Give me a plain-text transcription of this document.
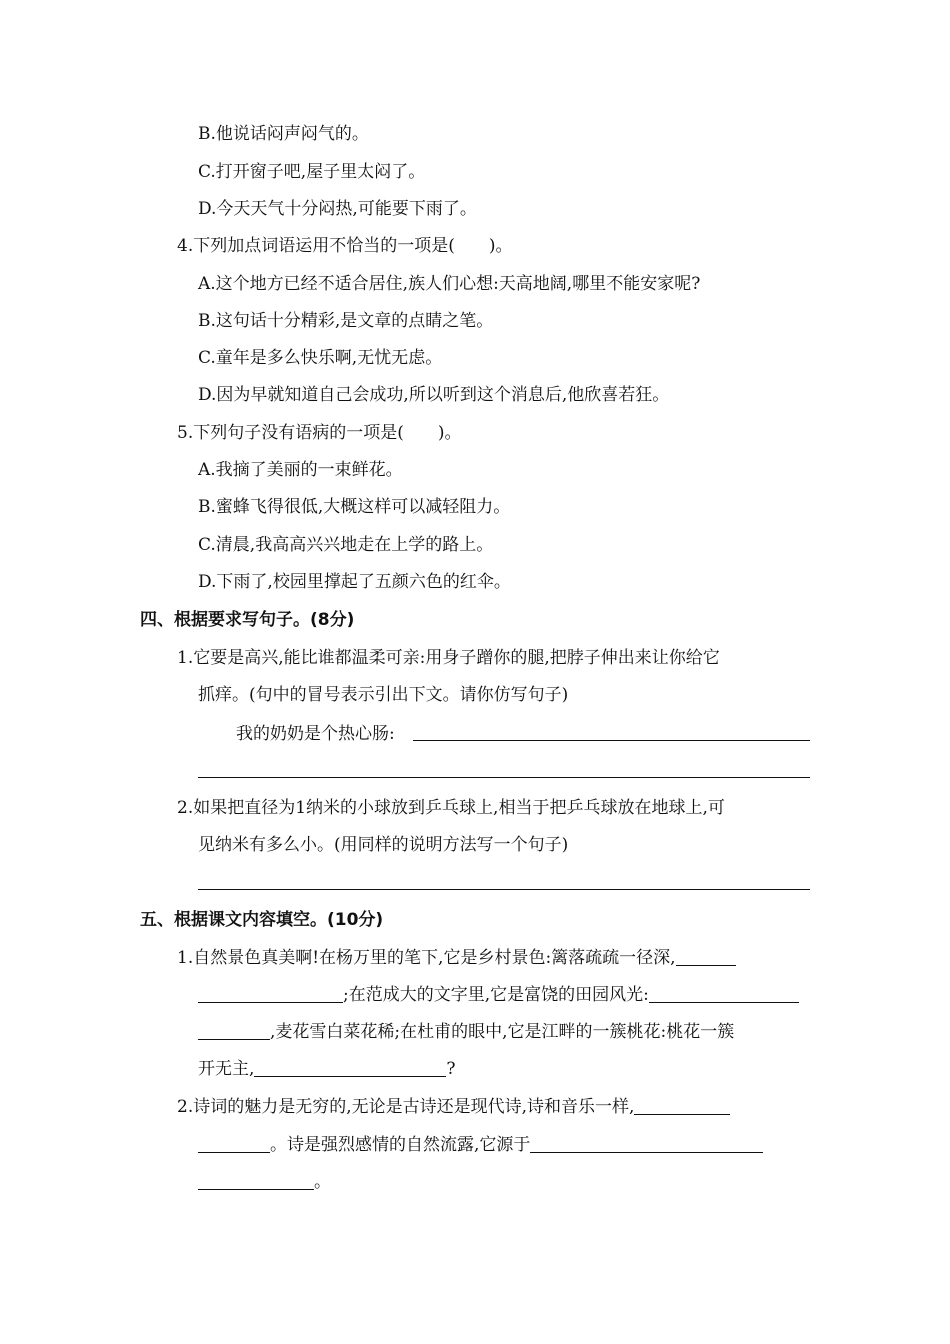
B.他说话闷声闷气的。
C.打开窗子吧,屋子里太闷了。
D.今天天气十分闷热,可能要下雨了。
4.下列加点词语运用不恰当的一项是(　　)。
A.这个地方已经不适合居住,族人们心想:天高地阔,哪里不能安家呢?
B.这句话十分精彩,是文章的点睛之笔。
C.童年是多么快乐啊,无忧无虑。
D.因为早就知道自己会成功,所以听到这个消息后,他欣喜若狂。
5.下列句子没有语病的一项是(　　)。
A.我摘了美丽的一束鲜花。
B.蜜蜂飞得很低,大概这样可以减轻阻力。
C.清晨,我高高兴兴地走在上学的路上。
D.下雨了,校园里撑起了五颜六色的红伞。
四、根据要求写句子。(8分)
1.它要是高兴,能比谁都温柔可亲:用身子蹭你的腿,把脖子伸出来让你给它
抓痒。(句中的冒号表示引出下文。请你仿写句子)
我的奶奶是个热心肠:
2.如果把直径为1纳米的小球放到乒乓球上,相当于把乒乓球放在地球上,可
见纳米有多么小。(用同样的说明方法写一个句子)
五、根据课文内容填空。(10分)
1.自然景色真美啊!在杨万里的笔下,它是乡村景色:篱落疏疏一径深,
;在范成大的文字里,它是富饶的田园风光:
,麦花雪白菜花稀;在杜甫的眼中,它是江畔的一簇桃花:桃花一簇
开无主,	?
2.诗词的魅力是无穷的,无论是古诗还是现代诗,诗和音乐一样,
。诗是强烈感情的自然流露,它源于
。
